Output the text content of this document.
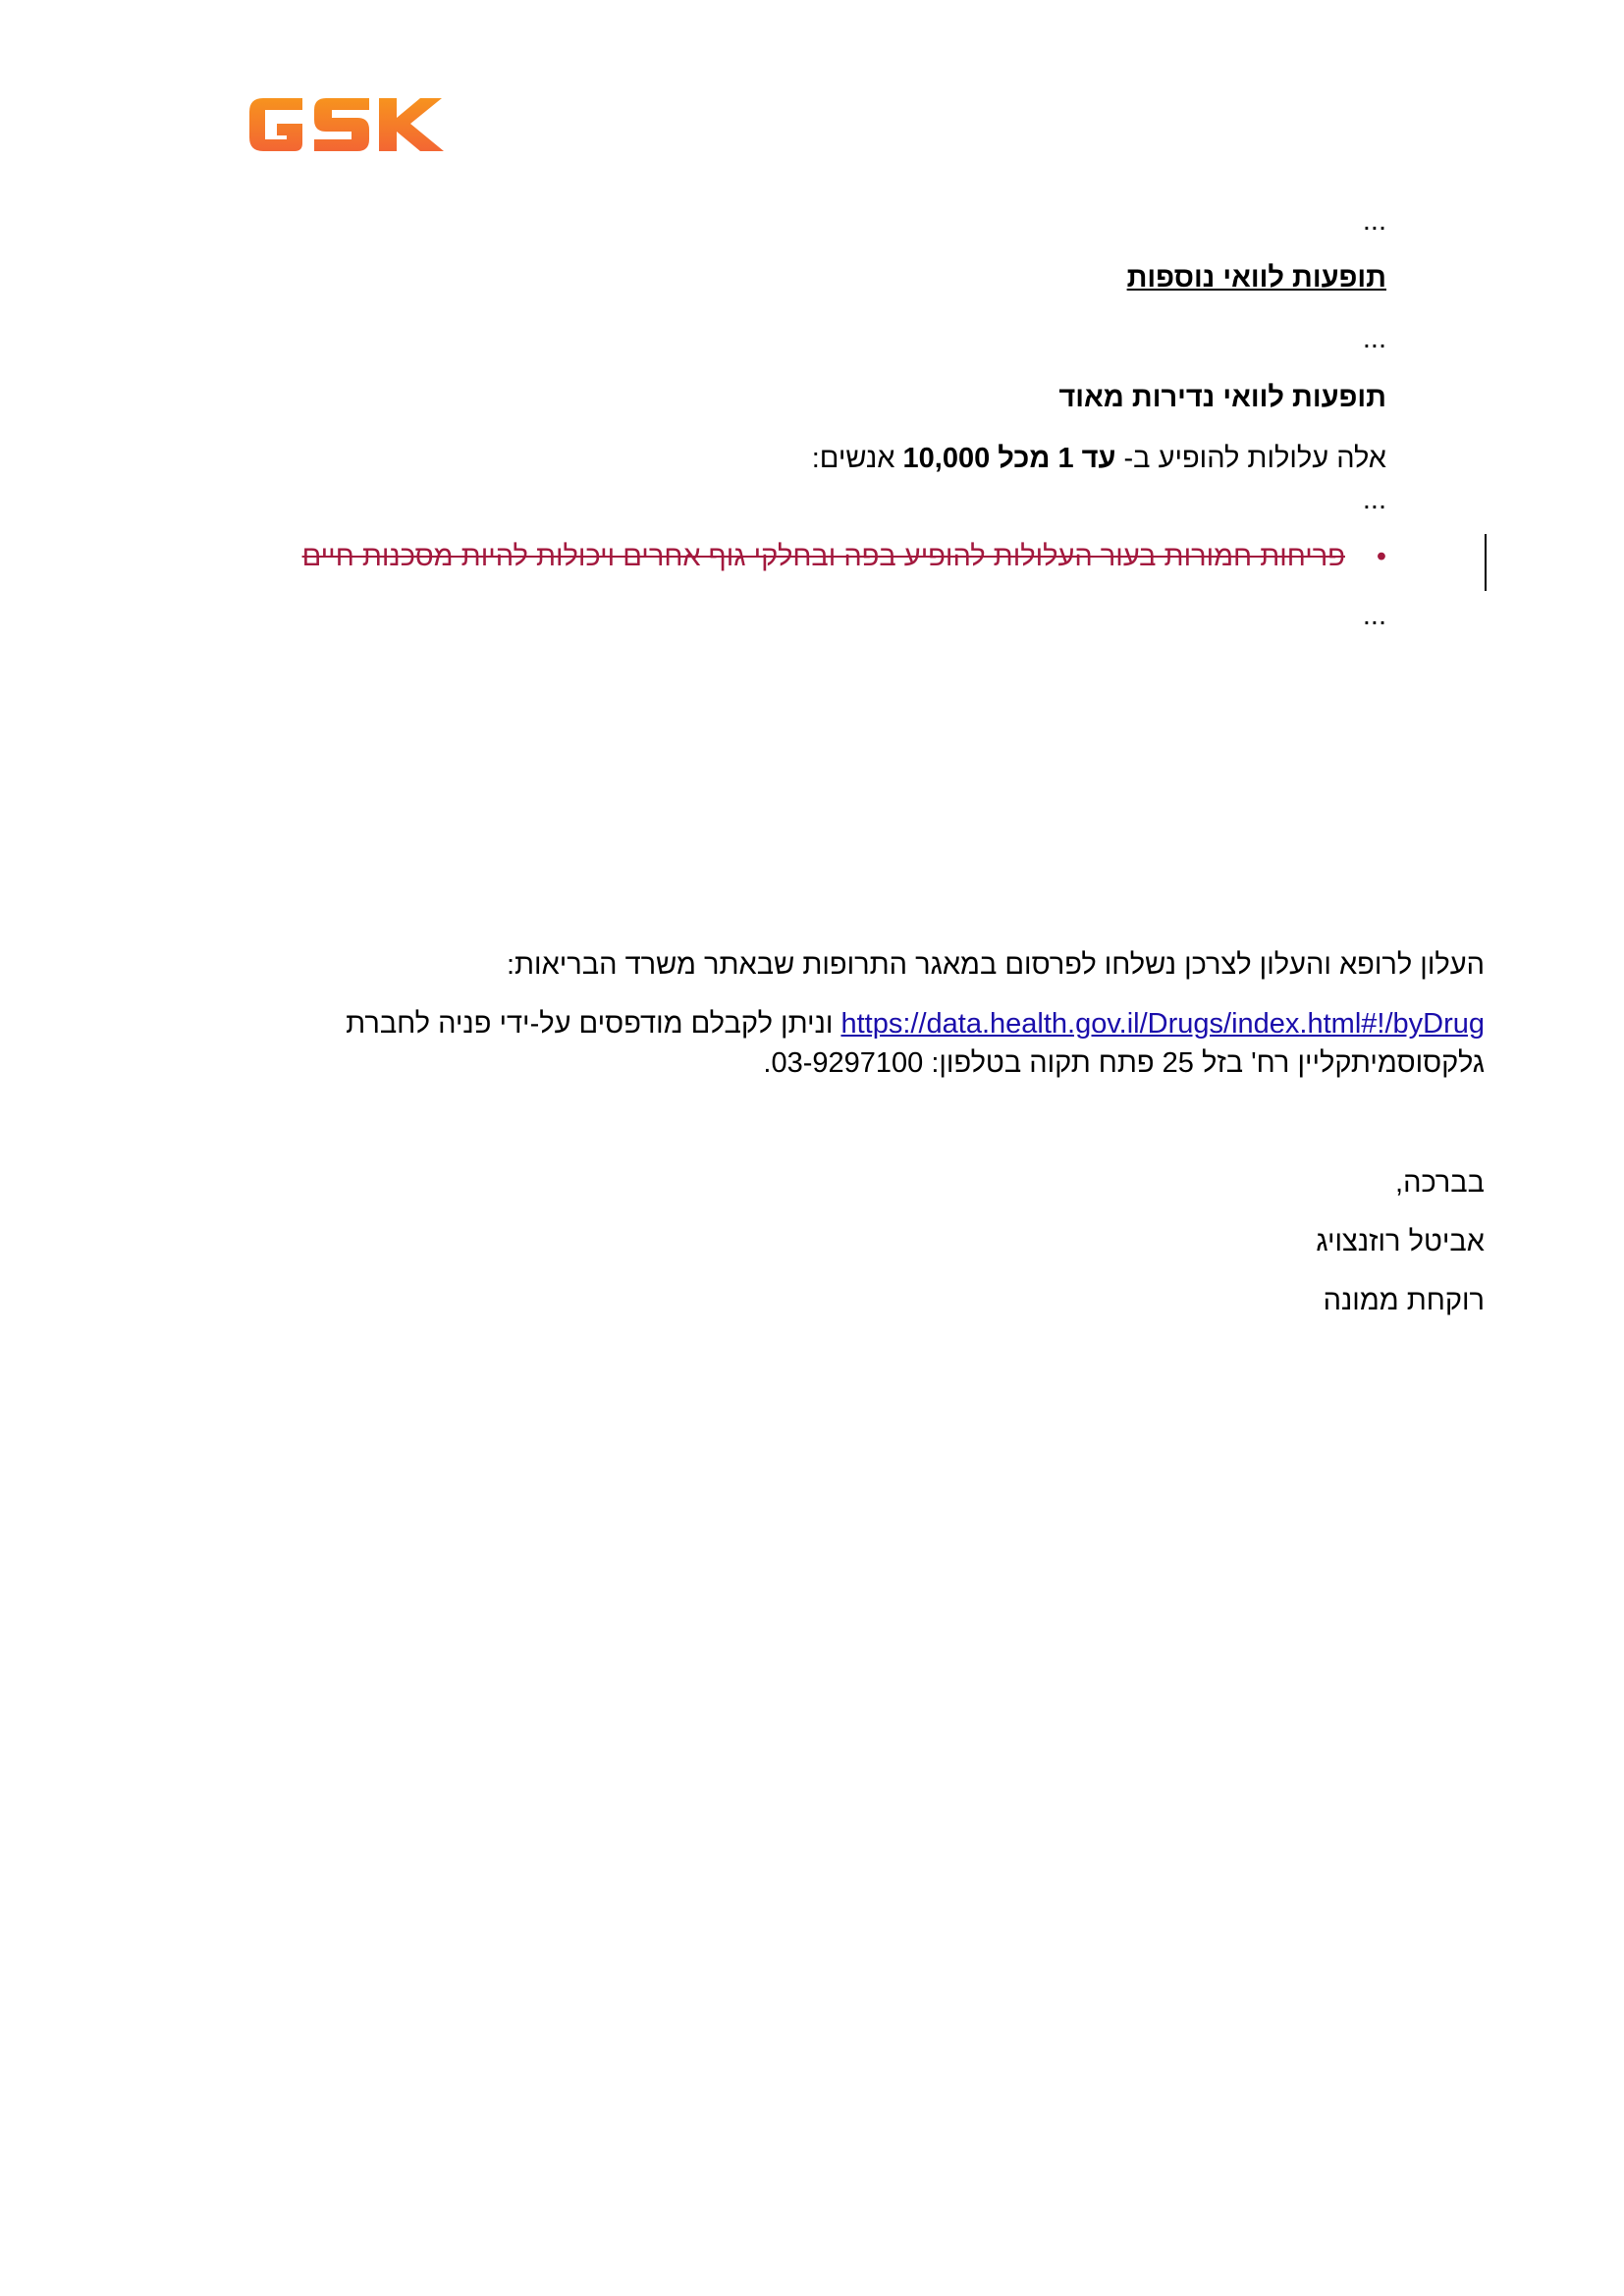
...
תופעות לוואי נוספות
...
תופעות לוואי נדירות מאוד
אלה עלולות להופיע ב- עד 1 מכל 10,000 אנשים:
...
•
פריחות חמורות בעור העלולות להופיע בפה ובחלקי גוף אחרים ויכולות להיות מסכנות חיים
...
העלון לרופא והעלון לצרכן נשלחו לפרסום במאגר התרופות שבאתר משרד הבריאות:
https://data.health.gov.il/Drugs/index.html#!/byDrug וניתן לקבלם מודפסים על-ידי פניה לחברת
גלקסוסמיתקליין רח' בזל 25 פתח תקוה בטלפון: 03-9297100.
בברכה,
אביטל רוזנצויג
רוקחת ממונה
